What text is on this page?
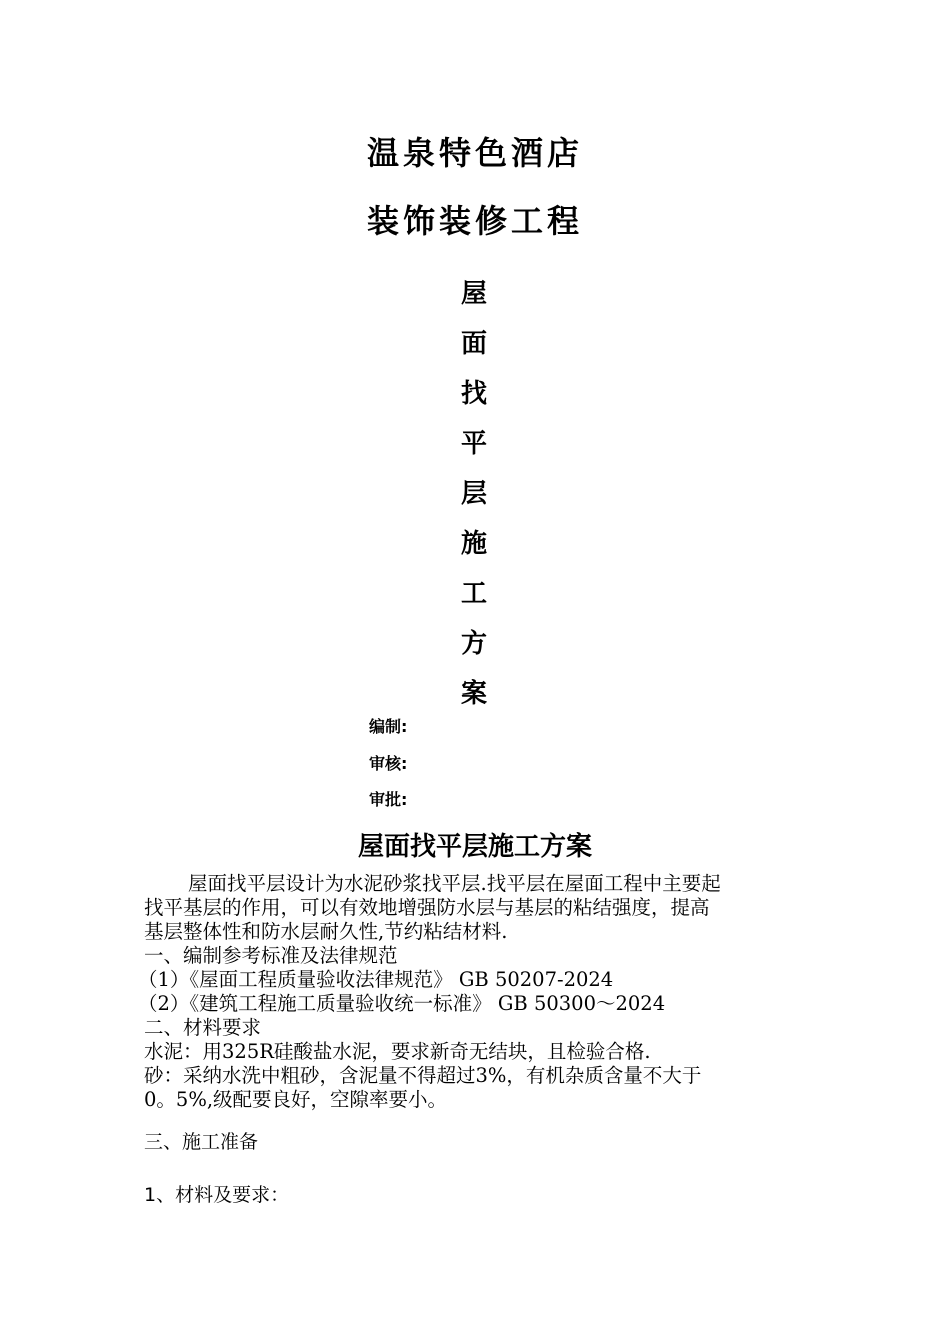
温泉特色酒店
装饰装修工程
屋
面
找
平
层
施
工
方
案
编制:
审核:
审批:
屋面找平层施工方案
屋面找平层设计为水泥砂浆找平层.找平层在屋面工程中主要起
找平基层的作用，可以有效地增强防水层与基层的粘结强度，提高
基层整体性和防水层耐久性,节约粘结材料.
一、编制参考标准及法律规范
（1）《屋面工程质量验收法律规范》 GB 50207-2024
（2）《建筑工程施工质量验收统一标准》 GB 50300～2024
二、材料要求
水泥：用325R硅酸盐水泥，要求新奇无结块，且检验合格.
砂：采纳水洗中粗砂，含泥量不得超过3%，有机杂质含量不大于
0。5%,级配要良好，空隙率要小。
三、施工准备
1、材料及要求：
